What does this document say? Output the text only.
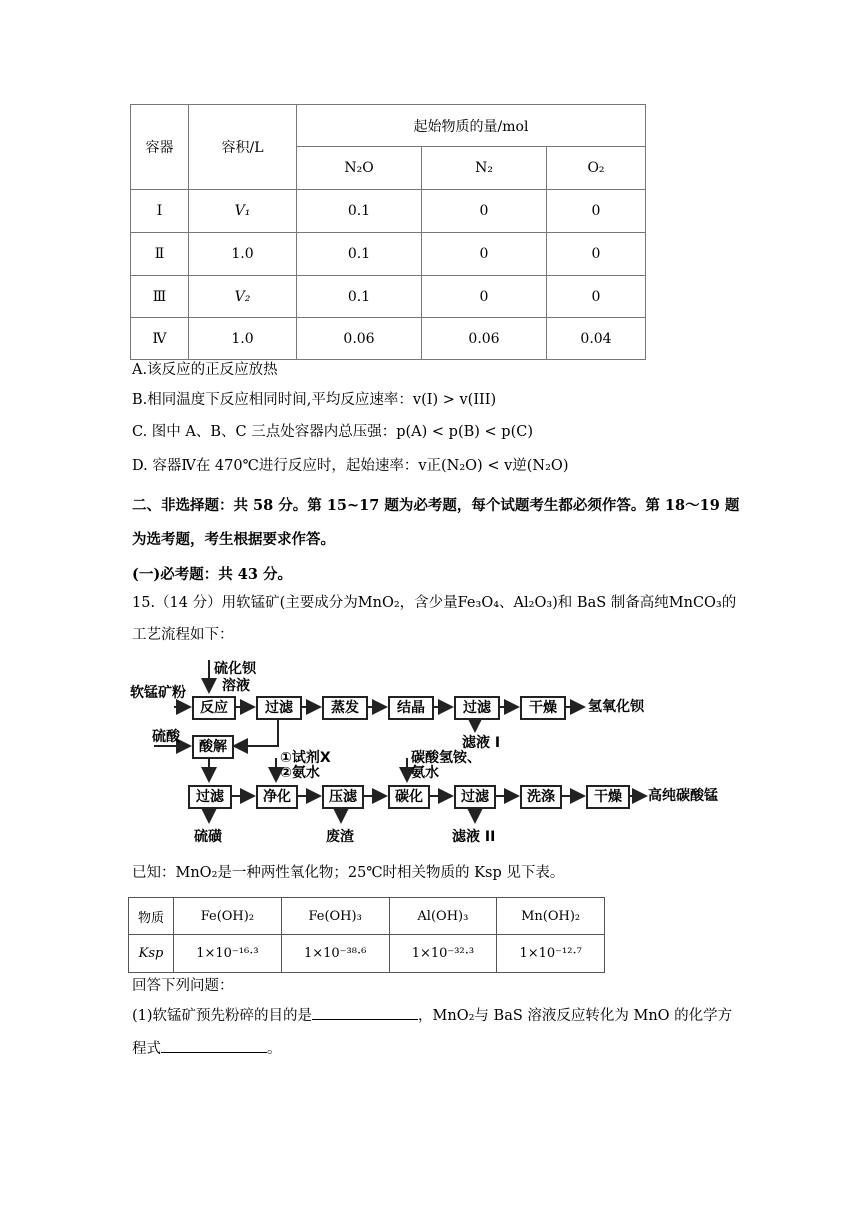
容器	容积/L	起始物质的量/mol		
		N₂O	N₂	O₂
Ⅰ	V₁	0.1	0	0
Ⅱ	1.0	0.1	0	0
Ⅲ	V₂	0.1	0	0
Ⅳ	1.0	0.06	0.06	0.04
A.该反应的正反应放热
B.相同温度下反应相同时间,平均反应速率：v(I) > v(III)
C. 图中 A、B、C 三点处容器内总压强：p(A) < p(B) < p(C)
D. 容器Ⅳ在 470℃进行反应时，起始速率：v正(N₂O) < v逆(N₂O)
二、非选择题：共 58 分。第 15~17 题为必考题，每个试题考生都必须作答。第 18～19 题
为选考题，考生根据要求作答。
(一)必考题：共 43 分。
15.（14 分）用软锰矿(主要成分为MnO₂，含少量Fe₃O₄、Al₂O₃)和 BaS 制备高纯MnCO₃的
工艺流程如下：
软锰矿粉
硫化钡
溶液
反应	过滤	蒸发	结晶	过滤	干燥	氢氧化钡
滤液 I
硫酸
酸解
①试剂X
②氨水
碳酸氢铵、
氨水
过滤	净化	压滤	碳化	过滤	洗涤	干燥	高纯碳酸锰
硫磺	废渣	滤液 II
已知：MnO₂是一种两性氧化物；25℃时相关物质的 Ksp 见下表。
物质	Fe(OH)₂	Fe(OH)₃	Al(OH)₃	Mn(OH)₂
Ksp	1×10⁻¹⁶·³	1×10⁻³⁸·⁶	1×10⁻³²·³	1×10⁻¹²·⁷
回答下列问题：
(1)软锰矿预先粉碎的目的是	，MnO₂与 BaS 溶液反应转化为 MnO 的化学方
程式	。
